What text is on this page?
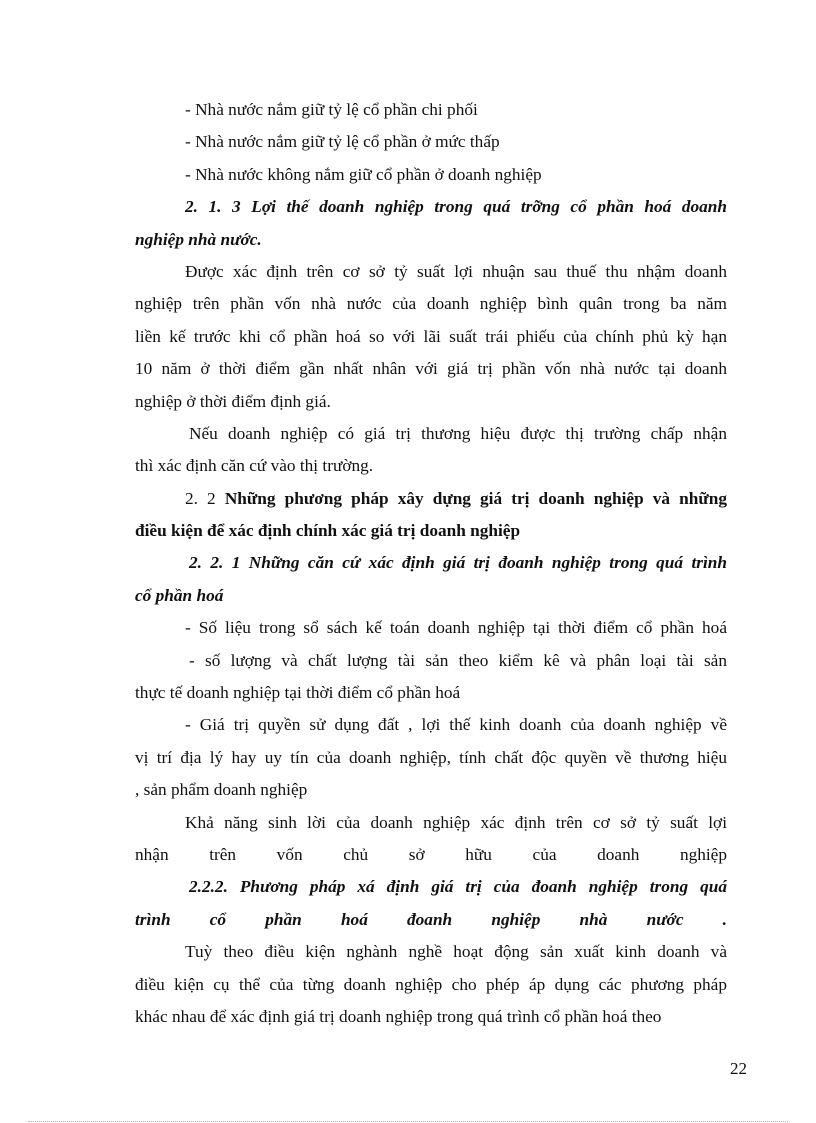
- Nhà nước nắm giữ tỷ lệ cổ phần chi phối
- Nhà nước nắm giữ tỷ lệ cổ phần ở mức thấp
- Nhà nước không nắm giữ cổ phần ở doanh nghiệp
2. 1. 3 Lợi thế doanh nghiệp trong quá trỡng cổ phần hoá doanh
nghiệp nhà nước.
Được xác định trên cơ sở tỷ suất lợi nhuận sau thuế thu nhậm doanh
nghiệp trên phần vốn nhà nước của doanh nghiệp bình quân trong ba năm
liền kế trước khi cổ phần hoá so với lãi suất trái phiếu của chính phủ kỳ hạn
10 năm ở thời điểm gần nhất nhân với giá trị phần vốn nhà nước tại doanh
nghiệp ở thời điểm định giá.
Nếu doanh nghiệp có giá trị thương hiệu được thị trường chấp nhận
thì xác định căn cứ vào thị trường.
2. 2 Những phương pháp xây dựng giá trị doanh nghiệp và những
điều kiện để xác định chính xác giá trị doanh nghiệp
2. 2. 1 Những căn cứ xác định giá trị đoanh nghiệp trong quá trình
cổ phần hoá
- Số liệu trong sổ sách kế toán doanh nghiệp tại thời điểm cổ phần hoá
- số lượng và chất lượng tài sản theo kiểm kê và phân loại tài sản
thực tế doanh nghiệp tại thời điểm cổ phần hoá
- Giá trị quyền sử dụng đất , lợi thế kinh doanh của doanh nghiệp về
vị trí địa lý hay uy tín của doanh nghiệp, tính chất độc quyền về thương hiệu
, sản phẩm doanh nghiệp
Khả năng sinh lời của doanh nghiệp xác định trên cơ sở tỷ suất lợi
nhận trên vốn chủ sở hữu của doanh nghiệp
2.2.2. Phương pháp xá định giá trị của đoanh nghiệp trong quá
trình cổ phần hoá đoanh nghiệp nhà nước .
Tuỳ theo điều kiện nghành nghề hoạt động sản xuất kinh doanh và
điều kiện cụ thể của từng doanh nghiệp cho phép áp dụng các phương pháp
khác nhau để xác định giá trị doanh nghiệp trong quá trình cổ phần hoá theo
22
